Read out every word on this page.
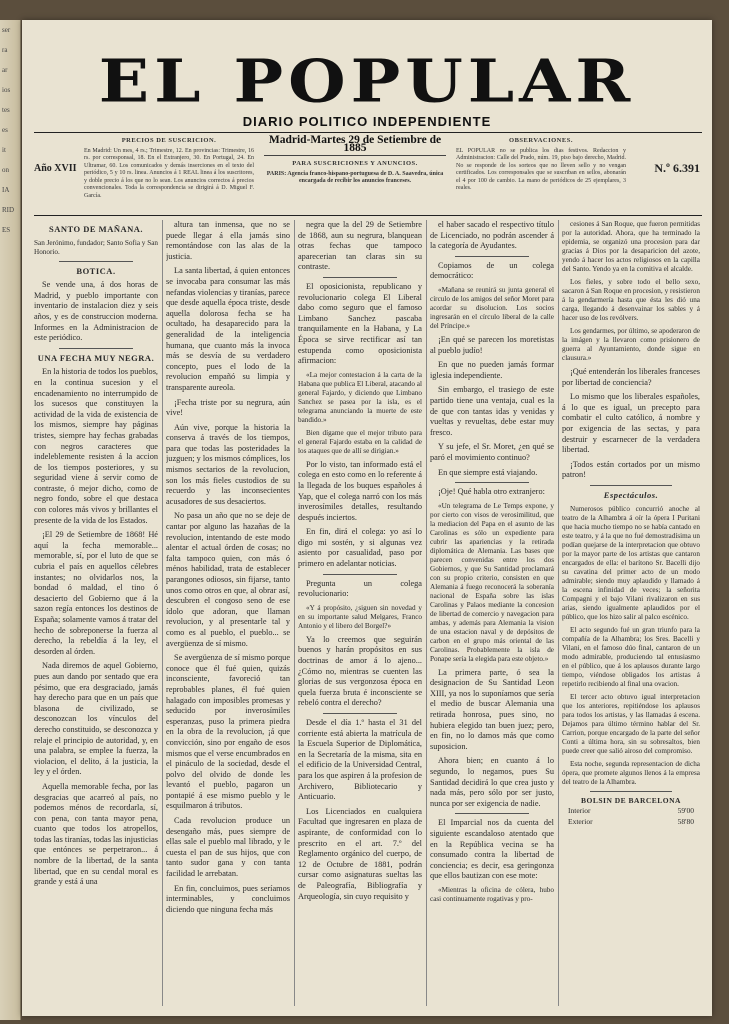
ser
ra
ar
ios
tes
es
it
on
IA
RID
ES
EL POPULAR
DIARIO POLITICO INDEPENDIENTE
Año XVII
PRECIOS DE SUSCRICION.
En Madrid: Un mes, 4 rs.; Trimestre, 12. En provincias: Trimestre, 16 rs. por corresponsal, 18. En el Extranjero, 30. En Portugal, 24. En Ultramar, 60. Los comunicados y demás inserciones en el texto del periódico, 5 y 10 rs. linea. Anuncios á 1 REAL linea á los suscritores, y doble precio á los que no lo sean. Los anuncios correctos á precios convencionales. Toda la correspondencia se dirigirá á D. Miguel F. García.
Madrid-Martes 29 de Setiembre de 1885
PARA SUSCRICIONES Y ANUNCIOS.
PARIS: Agencia franco-hispano-portuguesa de D. A. Saavedra, única encargada de recibir los anuncios franceses.
OBSERVACIONES.
EL POPULAR no se publica los dias festivos. Redaccion y Administracion: Calle del Prado, núm. 19, piso bajo derecho, Madrid. No se responde de los sorteos que no lleven sello y no vengan certificados. Los corresponsales que se suscriban en sellos, abonarán el 4 por 100 de cambio. La mano de periódicos de 25 ejemplares, 3 reales.
N.º 6.391
SANTO DE MAÑANA.
San Jerónimo, fundador; Santo Sofia y San Honorio.
BOTICA.

Se vende una, á dos horas de Madrid, y pueblo importante con inventario de instalacion diez y seis años, y es de construccion moderna. Informes en la Administracion de este periódico.

UNA FECHA MUY NEGRA.

En la historia de todos los pueblos, en la continua sucesion y el encadenamiento no interrumpido de los sucesos que constituyen la actividad de la vida de existencia de los mismos, siempre hay páginas tristes, siempre hay fechas grabadas con negros caracteres que indeleblemente resisten á la accion de los tiempos posteriores, y su seguridad viene á servir como de contraste, ó mejor dicho, como de negro fondo, sobre el que destaca con colores más vivos y brillantes el presente de la vida de los Estados.

¡El 29 de Setiembre de 1868! Hé aquí la fecha memorable... memorable, sí, por el luto de que se cubria el país en aquellos célebres instantes; no olvidarlos nos, la bondad ó maldad, el tino ó desacierto del Gobierno que á la sazon regía entonces los destinos de España; solamente vamos á tratar del hecho de sobreponerse la fuerza al derecho, la rebeldía á la ley, el desorden al órden.

Nada diremos de aquel Gobierno, pues aun dando por sentado que era pésimo, que era desgraciado, jamás hay derecho para que en un país que blasona de civilizado, se desconozcan los vínculos del derecho constituido, se desconozca y relaje el principio de autoridad, y, en una palabra, se emplee la fuerza, la violacion, el delito, á la justicia, la ley y el órden.

Aquella memorable fecha, por las desgracias que acarreó al país, no podemos ménos de recordarla, sí, con pena, con tanta mayor pena, cuanto que todos los atropellos, todas las tiranías, todas las injusticias que entónces se perpetraron... á nombre de la libertad, de la santa libertad, que en su cendal moral es grande y está á una

altura tan inmensa, que no se puede llegar á ella jamás sino remontándose con las alas de la justicia.

La santa libertad, á quien entonces se invocaba para consumar las más nefandas violencias y tiranías, parece que desde aquella época triste, desde aquella dolorosa fecha se ha ocultado, ha desaparecido para la generalidad de la inteligencia humana, que cuanto más la invoca más se desvía de su verdadero concepto, pues el lodo de la revolucion empañó su limpia y transparente aureola.

¡Fecha triste por su negrura, aún vive!

Aún vive, porque la historia la conserva á través de los tiempos, para que todas las posteridades la juzguen; y los mismos cómplices, los mismos sectarios de la revolucion, son los más fieles custodios de su recuerdo y las inconsecientes acusadores de sus desaciertos.

No pasa un año que no se deje de cantar por alguno las hazañas de la revolucion, intentando de este modo alentar el actual órden de cosas; no falta tampoco quien, con más ó ménos habilidad, trata de establecer parangones odiosos, sin fijarse, tanto unos como otros en que, al obrar así, descubren el congoso seno de ese ídolo que adoran, que llaman revolucion, y al presentarle tal y como es al pueblo, el pueblo... se avergüenza de sí mismo.

Se avergüenza de sí mismo porque conoce que él fué quien, quizás inconsciente, favoreció tan reprobables planes, él fué quien halagado con imposibles promesas y seducido por inverosímiles esperanzas, puso la primera piedra en la obra de la revolucion, ¡á que convicción, sino por engaño de esos mismos que el verse encumbrados en el pináculo de la sociedad, desde el polvo del olvido de donde les levantó el pueblo, pagaron un pontapié á ese mismo pueblo y le esquilmaron á tributos.

Cada revolucion produce un desengaño más, pues siempre de ellas sale el pueblo mal librado, y le cuesta el pan de sus hijos, que con tanto sudor gana y con tanta facilidad le arrebatan.

En fin, concluimos, pues seríamos interminables, y concluimos diciendo que ninguna fecha más

negra que la del 29 de Setiembre de 1868, aun su negrura, blanquean otras fechas que tampoco aparecerian tan claras sin su contraste.

El oposicionista, republicano y revolucionario colega El Liberal dabo como seguro que el famoso Limbano Sanchez pascaba tranquilamente en la Habana, y La Época se sirve rectificar así tan estupenda como oposicionista afirmacion:

«La mejor contestacion á la carta de la Habana que publica El Liberal, atacando al general Fajardo, y diciendo que Limbano Sanchez se pasea por la isla, es el telegrama anunciando la muerte de este bandido.»

Bien dígame que el mejor tributo para el general Fajardo estaba en la calidad de los ataques que de allí se dirigian.»

Por lo visto, tan informado está el colega en esto como en lo referente á la llegada de los buques españoles á Yap, que el colega narró con los más inverosímiles detalles, resultando después inciertos.

En fin, dirá el colega: yo así lo digo mi sostén, y si algunas vez asiento por casualidad, paso por primero en adelantar noticias.

Pregunta un colega revolucionario:

«Y á propósito, ¿siguen sin novedad y en su importante salud Melgares, Franco Antonio y el libero del Borgel?»

Ya lo creemos que seguirán buenos y harán propósitos en sus doctrinas de amor á lo ajeno... ¿Cómo no, mientras se cuenten las glorias de sus vergonzosa época en quela fuerza bruta é inconsciente se rebeló contra el derecho?

Desde el día 1.º hasta el 31 del corriente está abierta la matrícula de la Escuela Superior de Diplomática, en la Secretaría de la misma, sita en el edificio de la Universidad Central, para los que aspiren á la profesion de Archivero, Bibliotecario y Anticuario.

Los Licenciados en cualquiera Facultad que ingresaren en plaza de aspirante, de conformidad con lo prescrito en el art. 7.º del Reglamento orgánico del cuerpo, de 12 de Octubre de 1881, podrán cursar como asignaturas sueltas las de Paleografía, Bibliografía y Arqueología, sin cuyo requisito y

el haber sacado el respectivo título de Licenciado, no podrán ascender á la categoría de Ayudantes.

Copiamos de un colega democrático:

«Mañana se reunirá su junta general el círculo de los amigos del señor Moret para acordar su disolucion. Los socios ingresarán en el círculo liberal de la calle del Príncipe.»

¡En qué se parecen los moretistas al pueblo judío!

En que no pueden jamás formar iglesia independiente.

Sin embargo, el trasiego de este partido tiene una ventaja, cual es la de que con tantas idas y venidas y vueltas y revueltas, debe estar muy fresco.

Y su jefe, el Sr. Moret, ¿en qué se paró el movimiento continuo?

En que siempre está viajando.

¡Oje! Qué habla otro extranjero:

«Un telegrama de Le Temps expone, y por cierto con visos de verosimilitud, que la mediacion del Papa en el asunto de las Carolinas es sólo un expediente para cubrir las apariencias y la retirada diplomática de Alemania. Las bases que parecen convenidas entre los dos Gobiernos, y que Su Santidad proclamará con su propio criterio, consisten en que Alemania á fuego reconocerá la soberanía nacional de España sobre las islas Carolinas y Palaos mediante la concesion de libertad de comercio y navegacion para ambas, y además para Alemania la vision de una estacion naval y de depósitos de carbon en el grupo más oriental de las Carolinas. Probablemente la isla de Ponape sería la elegida para este objeto.»

La primera parte, ó sea la designacion de Su Santidad Leon XIII, ya nos lo suponíamos que sería el medio de buscar Alemania una retirada honrosa, pues sino, no hubiera elegido tan buen juez; pero, en fin, no lo damos más que como suposicion.

Ahora bien; en cuanto á lo segundo, lo negamos, pues Su Santidad decidirá lo que crea justo y nada más, pero sólo por ser justo, nunca por ser exigencia de nadie.

El Imparcial nos da cuenta del siguiente escandaloso atentado que en la República vecina se ha consumado contra la libertad de conciencia; es decir, esa geringonza que ellos bautizan con ese mote:

«Mientras la oficina de cólera, hubo casi continuamente rogativas y pro-

cesiones á San Roque, que fueron permitidas por la autoridad. Ahora, que ha terminado la epidemia, se organizó una procesion para dar gracias á Dios por la desaparicion del azote, yendo á hacer los actos religiosos en la capilla del Santo. Yendo ya en la comitiva el alcalde.

Los fieles, y sobre todo el bello sexo, sacaron á San Roque en procesion, y resistieron á la gendarmería hasta que ésta les dió una carga, llegando á desenvainar los sables y á hacer uso de los revólvers.

Los gendarmes, por último, se apoderaron de la imágen y la llevaron como prisionero de guerra al Ayuntamiento, donde sigue en clausura.»

¡Qué entenderán los liberales franceses por libertad de conciencia?

Lo mismo que los liberales españoles, á lo que es igual, un precepto para combatir el culto católico, á nombre y por exigencia de las sectas, y para destruir y escarnecer de la verdadera libertad.

¡Todos están cortados por un mismo patron!

Espectáculos.

Numerosos público concurrió anoche al teatro de la Alhambra á oír la ópera I Puritani que hacia mucho tiempo no se había cantado en este teatro, y á la que no fué demostradísima un podían quejarse de la interpretacion que obtuvo por la mayor parte de los artistas que cantaron encargados de ella: el barítono Sr. Bacelli dijo su cavatina del primer acto de un modo admirable; siendo muy aplaudido y llamado á la escena infinidad de veces; la señorita Compagni y el bajo Vilani rivalizaron en sus arias, siendo igualmente aplaudidos por el público, que los hizo salir al palco escénico.

El acto segundo fué un gran triunfo para la compañía de la Alhambra; los Sres. Bacelli y Vilani, en el famoso dúo final, cantaron de un modo admirable, produciendo tal entusiasmo en el público, que á los aplausos durante largo tiempo, viéndose obligados los artistas á repetirlo recibiendo al final una ovacion.

El tercer acto obtuvo igual interpretacion que los anteriores, repitiéndose los aplausos para todos los artistas, y las llamadas á escena. Dejamos para último término hablar del Sr. Carrion, porque encargado de la parte del señor Conti a última hora, sin su sobresaltos, bien puede creer que salió airoso del compromiso.

Esta noche, segunda representacion de dicha ópera, que promete algunos llenos á la empresa del teatro de la Alhambra.

BOLSIN DE BARCELONA
Interior	59'00
Exterior	58'80
